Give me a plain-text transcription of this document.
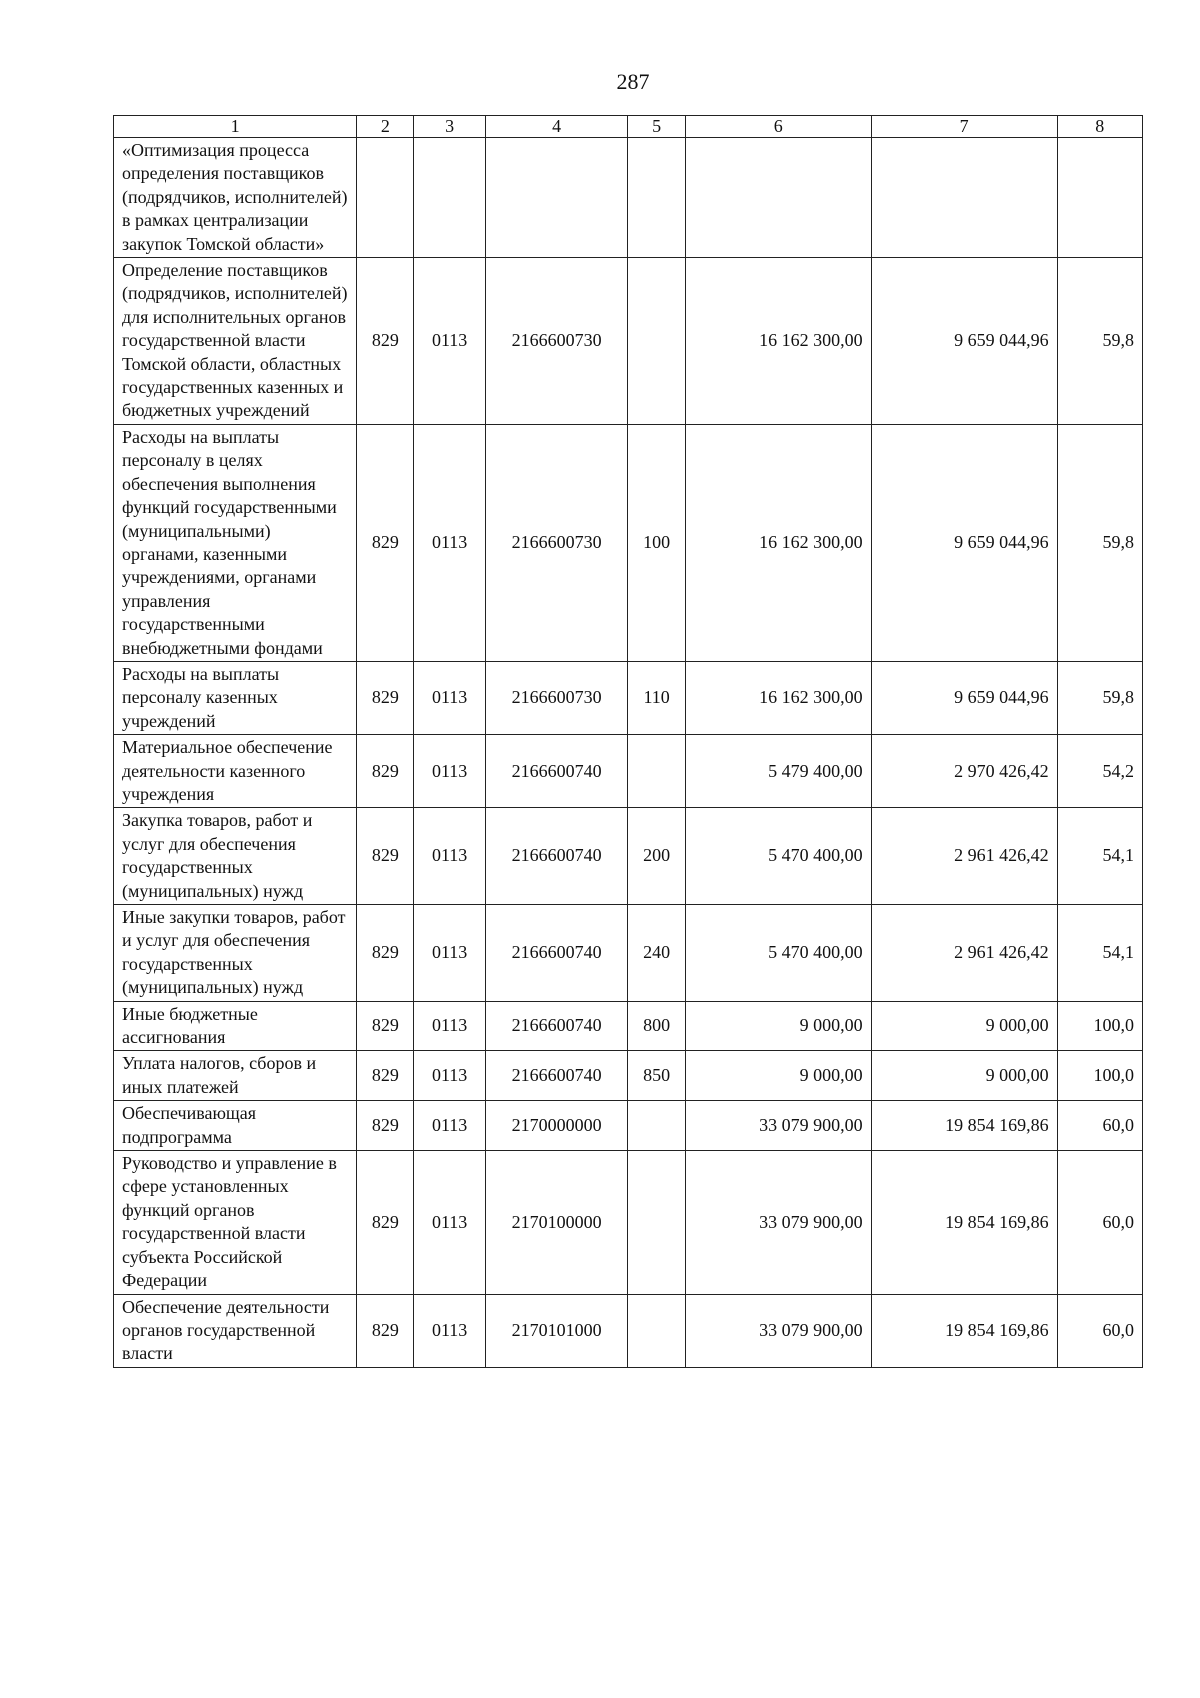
287
1	2	3	4	5	6	7	8
«Оптимизация процесса определения поставщиков (подрядчиков, исполнителей) в рамках централизации закупок Томской области»							
Определение поставщиков (подрядчиков, исполнителей) для исполнительных органов государственной власти Томской области, областных государственных казенных и бюджетных учреждений	829	0113	2166600730		16 162 300,00	9 659 044,96	59,8
Расходы на выплаты персоналу в целях обеспечения выполнения функций государственными (муниципальными) органами, казенными учреждениями, органами управления государственными внебюджетными фондами	829	0113	2166600730	100	16 162 300,00	9 659 044,96	59,8
Расходы на выплаты персоналу казенных учреждений	829	0113	2166600730	110	16 162 300,00	9 659 044,96	59,8
Материальное обеспечение деятельности казенного учреждения	829	0113	2166600740		5 479 400,00	2 970 426,42	54,2
Закупка товаров, работ и услуг для обеспечения государственных (муниципальных) нужд	829	0113	2166600740	200	5 470 400,00	2 961 426,42	54,1
Иные закупки товаров, работ и услуг для обеспечения государственных (муниципальных) нужд	829	0113	2166600740	240	5 470 400,00	2 961 426,42	54,1
Иные бюджетные ассигнования	829	0113	2166600740	800	9 000,00	9 000,00	100,0
Уплата налогов, сборов и иных платежей	829	0113	2166600740	850	9 000,00	9 000,00	100,0
Обеспечивающая подпрограмма	829	0113	2170000000		33 079 900,00	19 854 169,86	60,0
Руководство и управление в сфере установленных функций органов государственной власти субъекта Российской Федерации	829	0113	2170100000		33 079 900,00	19 854 169,86	60,0
Обеспечение деятельности органов государственной власти	829	0113	2170101000		33 079 900,00	19 854 169,86	60,0
